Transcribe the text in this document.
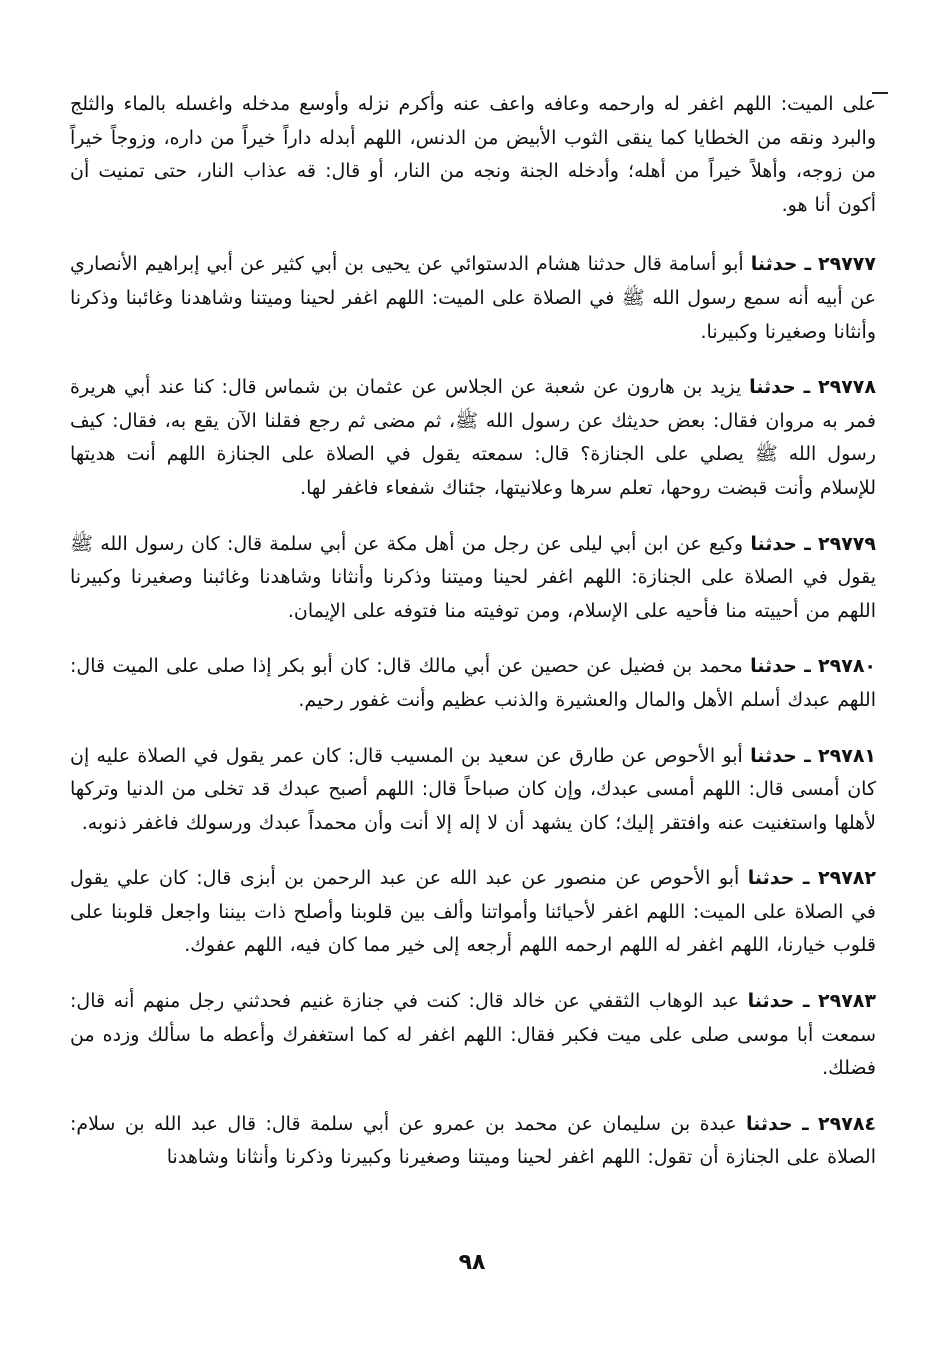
على الميت: اللهم اغفر له وارحمه وعافه واعف عنه وأكرم نزله وأوسع مدخله واغسله بالماء والثلج والبرد ونقه من الخطايا كما ينقى الثوب الأبيض من الدنس، اللهم أبدله داراً خيراً من داره، وزوجاً خيراً من زوجه، وأهلاً خيراً من أهله؛ وأدخله الجنة ونجه من النار، أو قال: قه عذاب النار، حتى تمنيت أن أكون أنا هو.

٢٩٧٧٧ ـ حدثنا أبو أسامة قال حدثنا هشام الدستوائي عن يحيى بن أبي كثير عن أبي إبراهيم الأنصاري عن أبيه أنه سمع رسول الله ﷺ في الصلاة على الميت: اللهم اغفر لحينا وميتنا وشاهدنا وغائبنا وذكرنا وأنثانا وصغيرنا وكبيرنا.

٢٩٧٧٨ ـ حدثنا يزيد بن هارون عن شعبة عن الجلاس عن عثمان بن شماس قال: كنا عند أبي هريرة فمر به مروان فقال: بعض حديثك عن رسول الله ﷺ، ثم مضى ثم رجع فقلنا الآن يقع به، فقال: كيف رسول الله ﷺ يصلي على الجنازة؟ قال: سمعته يقول في الصلاة على الجنازة اللهم أنت هديتها للإسلام وأنت قبضت روحها، تعلم سرها وعلانيتها، جئناك شفعاء فاغفر لها.

٢٩٧٧٩ ـ حدثنا وكيع عن ابن أبي ليلى عن رجل من أهل مكة عن أبي سلمة قال: كان رسول الله ﷺ يقول في الصلاة على الجنازة: اللهم اغفر لحينا وميتنا وذكرنا وأنثانا وشاهدنا وغائبنا وصغيرنا وكبيرنا اللهم من أحييته منا فأحيه على الإسلام، ومن توفيته منا فتوفه على الإيمان.

٢٩٧٨٠ ـ حدثنا محمد بن فضيل عن حصين عن أبي مالك قال: كان أبو بكر إذا صلى على الميت قال: اللهم عبدك أسلم الأهل والمال والعشيرة والذنب عظيم وأنت غفور رحيم.

٢٩٧٨١ ـ حدثنا أبو الأحوص عن طارق عن سعيد بن المسيب قال: كان عمر يقول في الصلاة عليه إن كان أمسى قال: اللهم أمسى عبدك، وإن كان صباحاً قال: اللهم أصبح عبدك قد تخلى من الدنيا وتركها لأهلها واستغنيت عنه وافتقر إليك؛ كان يشهد أن لا إله إلا أنت وأن محمداً عبدك ورسولك فاغفر ذنوبه.

٢٩٧٨٢ ـ حدثنا أبو الأحوص عن منصور عن عبد الله عن عبد الرحمن بن أبزى قال: كان علي يقول في الصلاة على الميت: اللهم اغفر لأحيائنا وأمواتنا وألف بين قلوبنا وأصلح ذات بيننا واجعل قلوبنا على قلوب خيارنا، اللهم اغفر له اللهم ارحمه اللهم أرجعه إلى خير مما كان فيه، اللهم عفوك.

٢٩٧٨٣ ـ حدثنا عبد الوهاب الثقفي عن خالد قال: كنت في جنازة غنيم فحدثني رجل منهم أنه قال: سمعت أبا موسى صلى على ميت فكبر فقال: اللهم اغفر له كما استغفرك وأعطه ما سألك وزده من فضلك.

٢٩٧٨٤ ـ حدثنا عبدة بن سليمان عن محمد بن عمرو عن أبي سلمة قال: قال عبد الله بن سلام: الصلاة على الجنازة أن تقول: اللهم اغفر لحينا وميتنا وصغيرنا وكبيرنا وذكرنا وأنثانا وشاهدنا

٩٨
